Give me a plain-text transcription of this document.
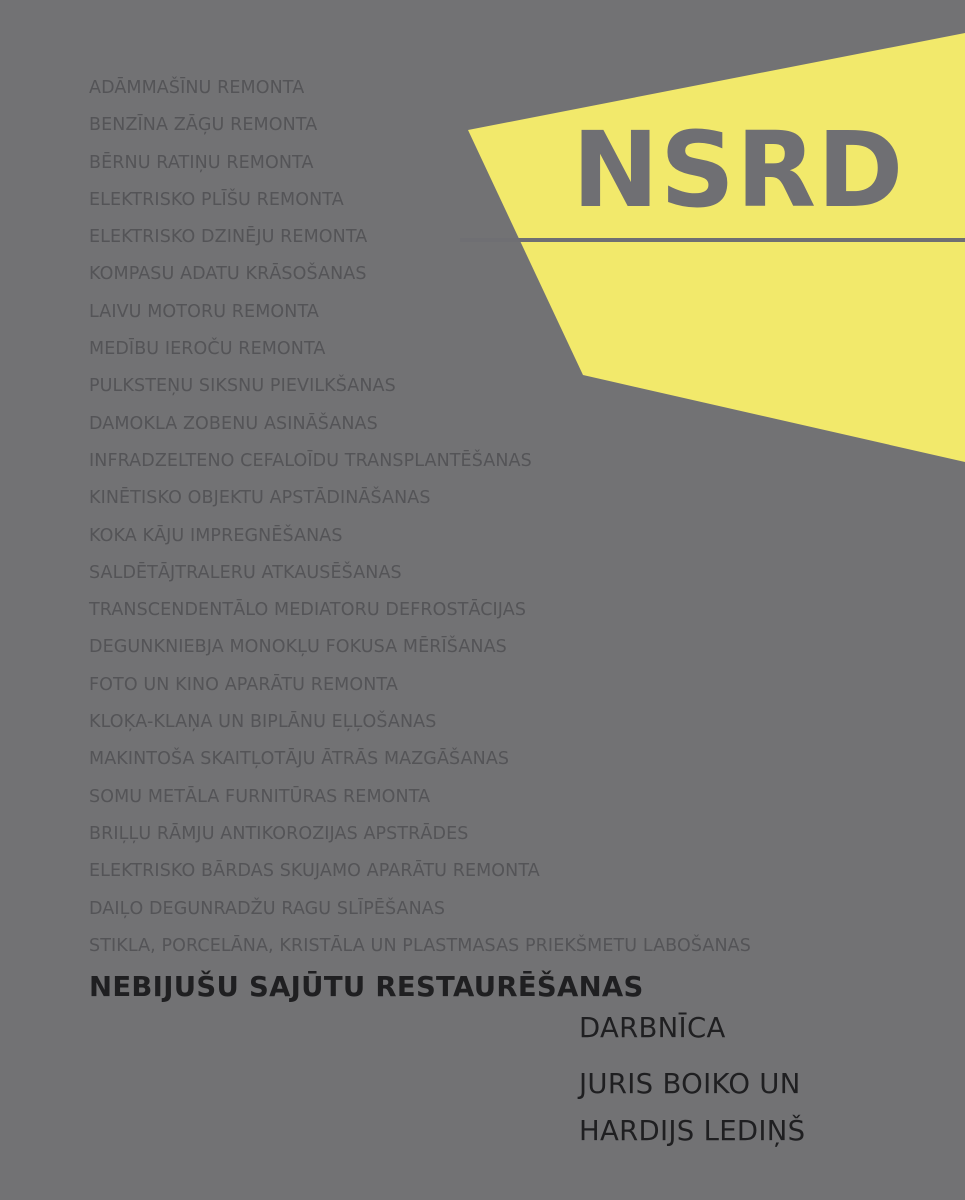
NSRD
ADĀMMAŠĪNU REMONTA
BENZĪNA ZĀĢU REMONTA
BĒRNU RATIŅU REMONTA
ELEKTRISKO PLĪŠU REMONTA
ELEKTRISKO DZINĒJU REMONTA
KOMPASU ADATU KRĀSOŠANAS
LAIVU MOTORU REMONTA
MEDĪBU IEROČU REMONTA
PULKSTEŅU SIKSNU PIEVILKŠANAS
DAMOKLA ZOBENU ASINĀŠANAS
INFRADZELTENO CEFALOĪDU TRANSPLANTĒŠANAS
KINĒTISKO OBJEKTU APSTĀDINĀŠANAS
KOKA KĀJU IMPREGNĒŠANAS
SALDĒTĀJTRALERU ATKAUSĒŠANAS
TRANSCENDENTĀLO MEDIATORU DEFROSTĀCIJAS
DEGUNKNIEBJA MONOKĻU FOKUSA MĒRĪŠANAS
FOTO UN KINO APARĀTU REMONTA
KLOĶA-KLAŅA UN BIPLĀNU EĻĻOŠANAS
MAKINTOŠA SKAITĻOTĀJU ĀTRĀS MAZGĀŠANAS
SOMU METĀLA FURNITŪRAS REMONTA
BRIĻĻU RĀMJU ANTIKOROZIJAS APSTRĀDES
ELEKTRISKO BĀRDAS SKUJAMO APARĀTU REMONTA
DAIĻO DEGUNRADŽU RAGU SLĪPĒŠANAS
STIKLA, PORCELĀNA, KRISTĀLA UN PLASTMASAS PRIEKŠMETU LABOŠANAS
NEBIJUŠU SAJŪTU RESTAURĒŠANAS
DARBNĪCA
JURIS BOIKO UN
HARDIJS LEDIŅŠ
